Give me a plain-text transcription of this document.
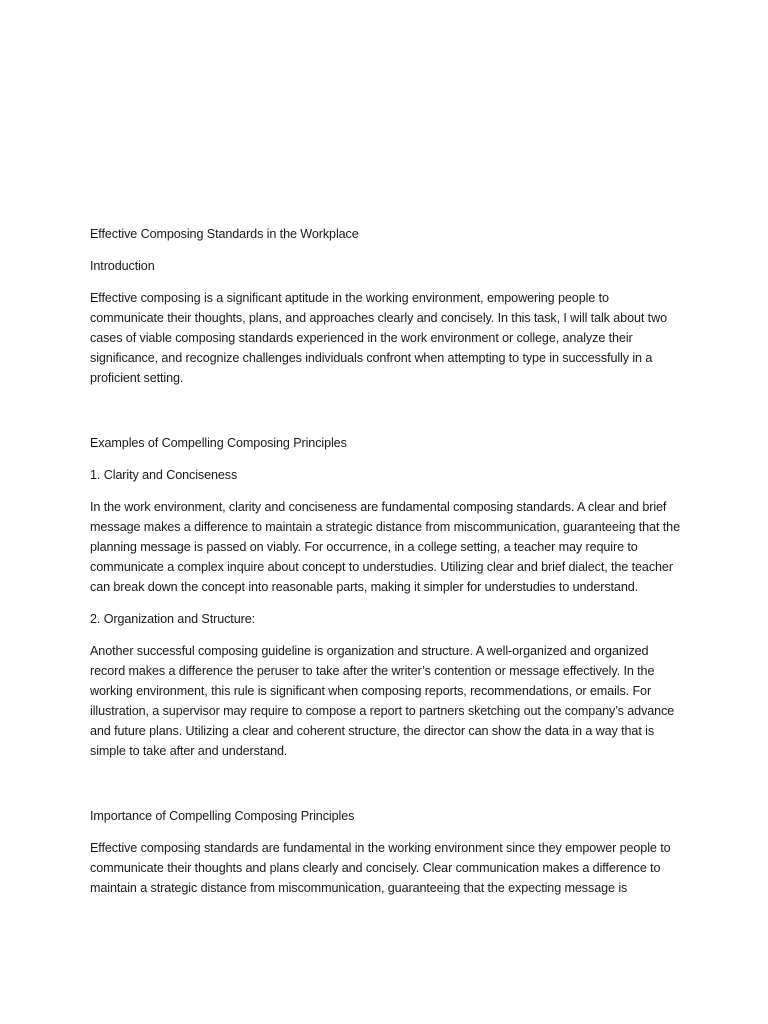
Effective Composing Standards in the Workplace

Introduction

Effective composing is a significant aptitude in the working environment, empowering people to communicate their thoughts, plans, and approaches clearly and concisely. In this task, I will talk about two cases of viable composing standards experienced in the work environment or college, analyze their significance, and recognize challenges individuals confront when attempting to type in successfully in a proficient setting.

Examples of Compelling Composing Principles

1. Clarity and Conciseness

In the work environment, clarity and conciseness are fundamental composing standards. A clear and brief message makes a difference to maintain a strategic distance from miscommunication, guaranteeing that the planning message is passed on viably. For occurrence, in a college setting, a teacher may require to communicate a complex inquire about concept to understudies. Utilizing clear and brief dialect, the teacher can break down the concept into reasonable parts, making it simpler for understudies to understand.

2. Organization and Structure:

Another successful composing guideline is organization and structure. A well-organized and organized record makes a difference the peruser to take after the writer’s contention or message effectively. In the working environment, this rule is significant when composing reports, recommendations, or emails. For illustration, a supervisor may require to compose a report to partners sketching out the company’s advance and future plans. Utilizing a clear and coherent structure, the director can show the data in a way that is simple to take after and understand.

Importance of Compelling Composing Principles

Effective composing standards are fundamental in the working environment since they empower people to communicate their thoughts and plans clearly and concisely. Clear communication makes a difference to maintain a strategic distance from miscommunication, guaranteeing that the expecting message is
